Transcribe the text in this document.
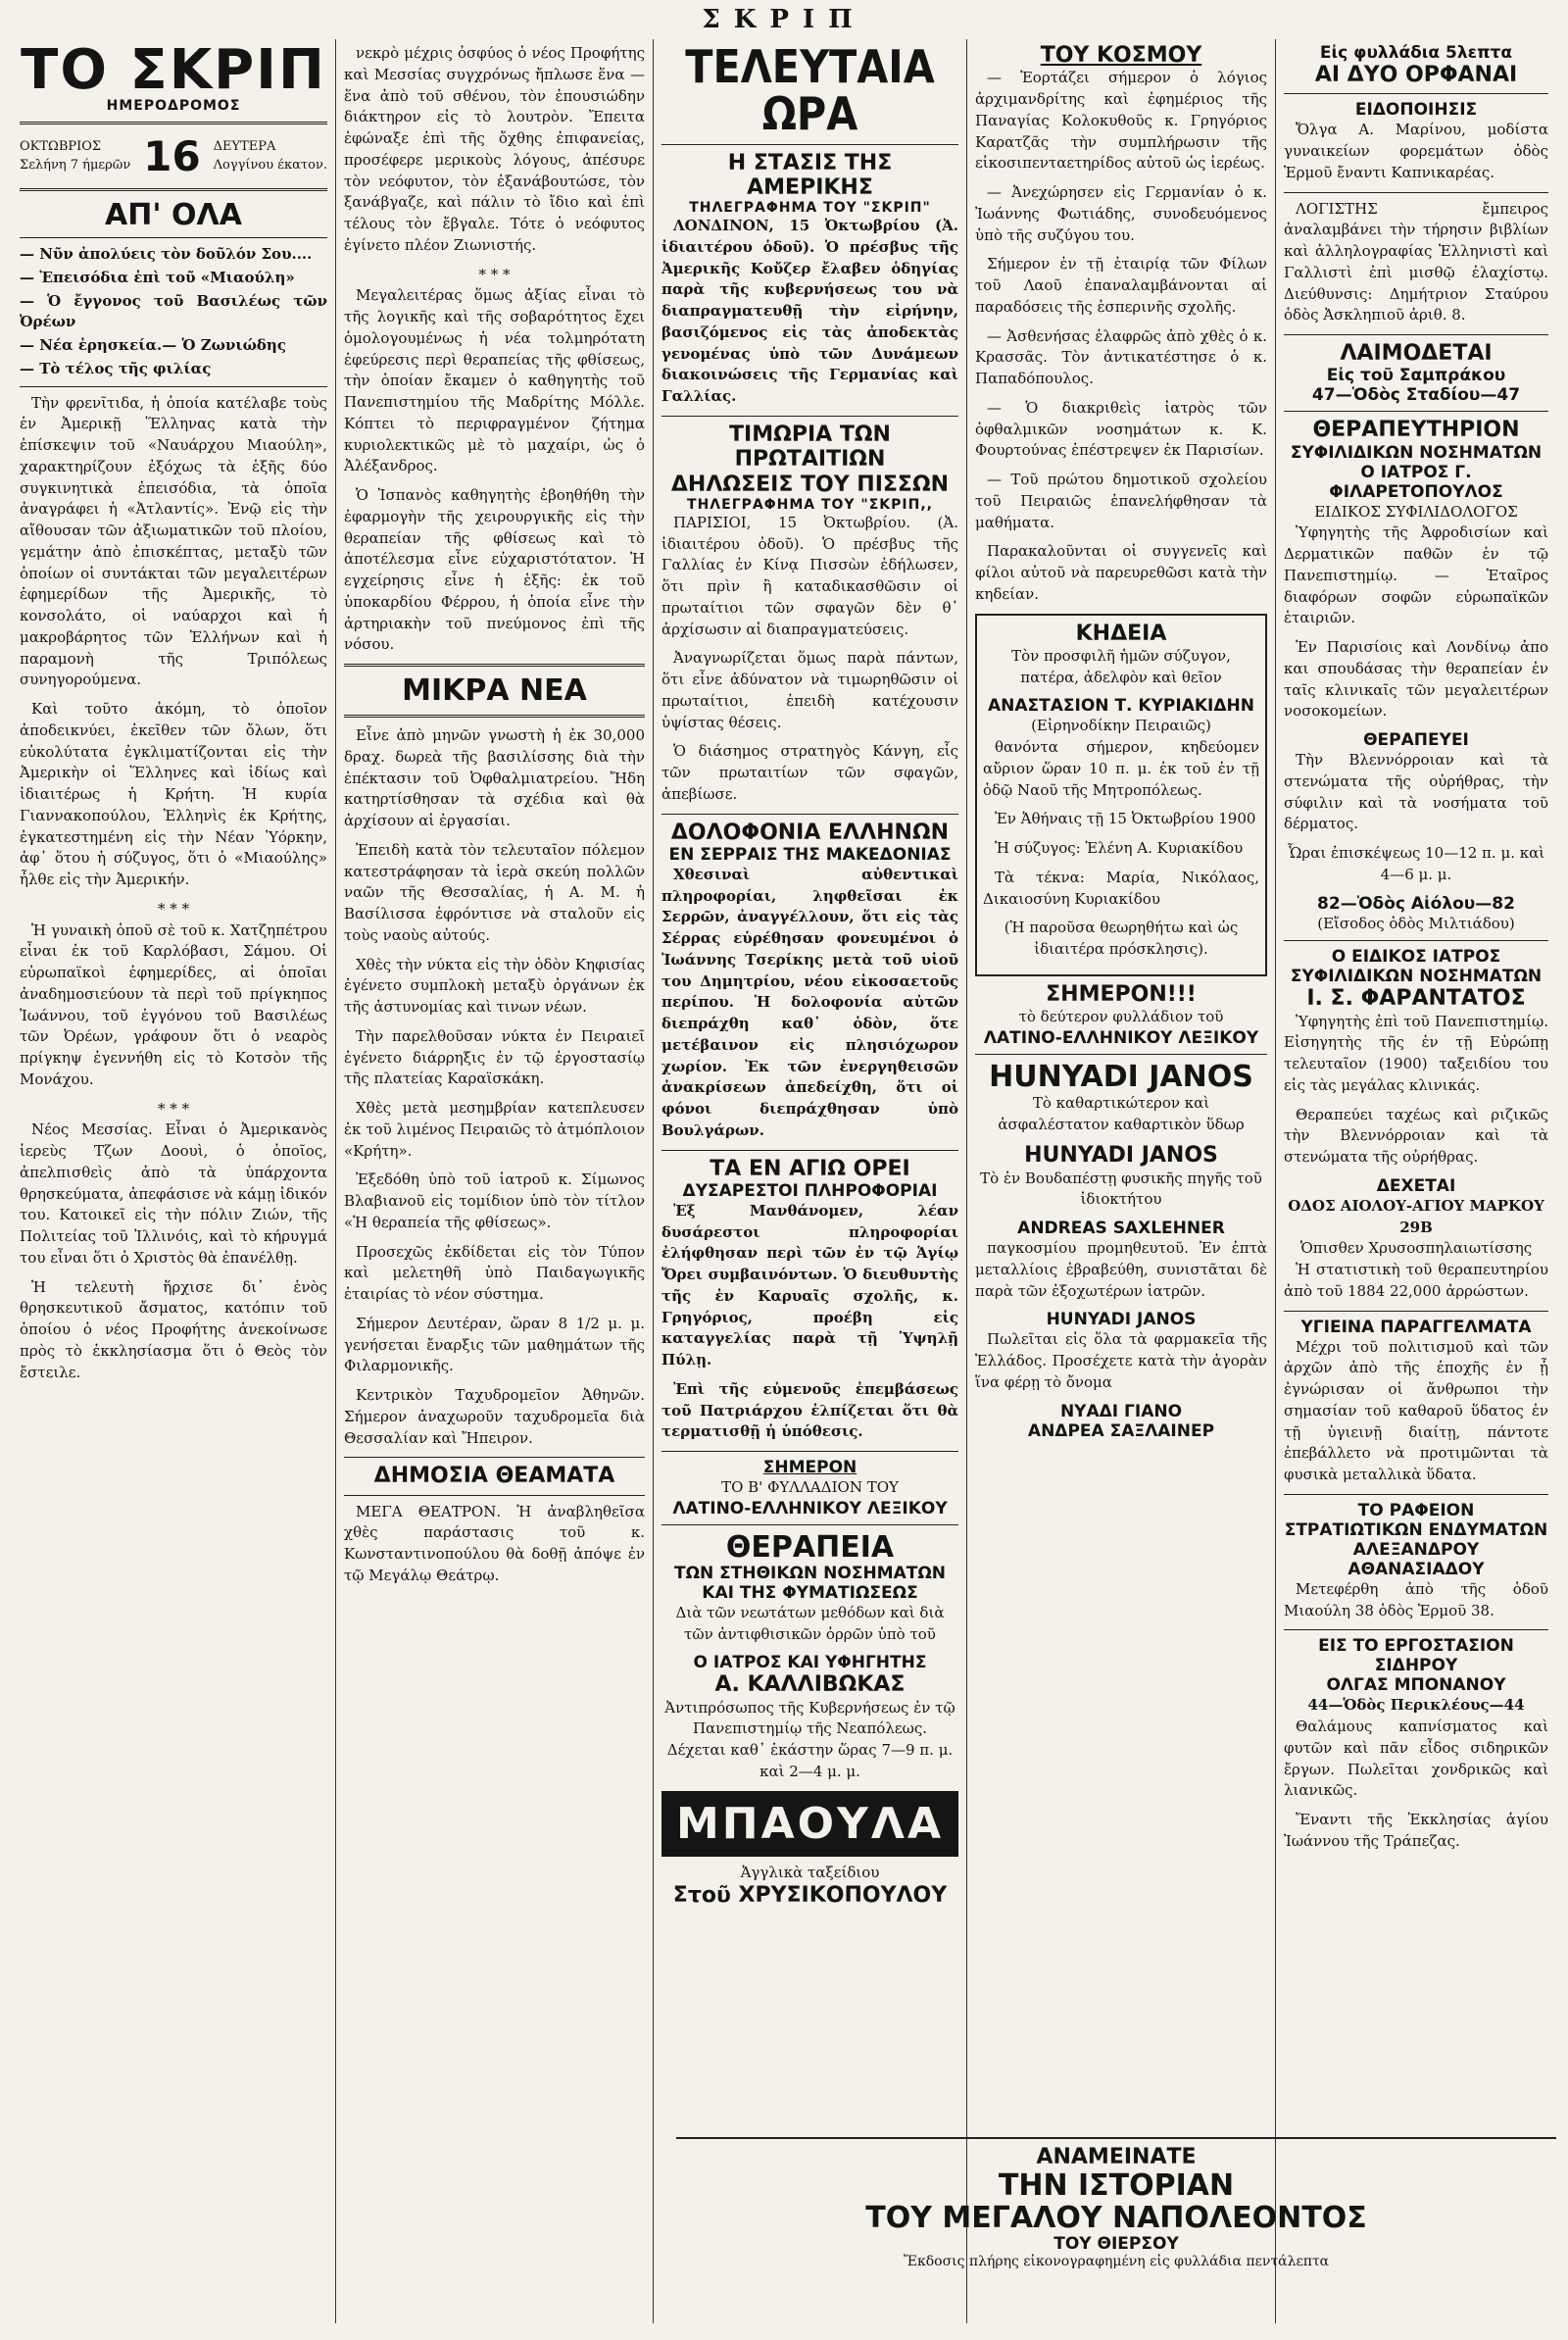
ΣΚΡΙΠ
ΤΟ ΣΚΡΙΠ
ΗΜΕΡΟΔΡΟΜΟΣ
ΟΚΤΩΒΡΙΟΣ
Σελήνη 7 ήμερῶν 16 ΔΕΥΤΕΡΑ
Λογγίνου έκατον.
ΑΠ' ΟΛΑ
— Νῦν ἀπολύεις τὸν δοῦλόν Σου....
— Ἐπεισόδια ἐπὶ τοῦ «Μιαούλη»
— Ὁ ἔγγονος τοῦ Βασιλέως τῶν Ὀρέων
— Νέα ἐρησκεία.— Ὁ Ζωνιώδης
— Τὸ τέλος τῆς φιλίας

Τὴν φρενῖτιδα, ἡ ὁποία κατέλαβε τοὺς ἐν Ἀμερικῇ Ἕλληνας κατὰ τὴν ἐπίσκεψιν τοῦ «Ναυάρχου Μιαούλη», χαρακτηρίζουν ἐξόχως τὰ ἑξῆς δύο συγκινητικὰ ἐπεισόδια, τὰ ὁποῖα ἀναγράφει ἡ «Ἀτλαντίς». Ἐνῷ εἰς τὴν αἴθουσαν τῶν ἀξιωματικῶν τοῦ πλοίου, γεμάτην ἀπὸ ἐπισκέπτας, μεταξὺ τῶν ὁποίων οἱ συντάκται τῶν μεγαλειτέρων ἐφημερίδων τῆς Ἀμερικῆς, τὸ κονσολάτο, οἱ ναύαρχοι καὶ ἡ μακροβάρητος τῶν Ἑλλήνων καὶ ἡ παραμονὴ τῆς Τριπόλεως συνηγορούμενα.

Καὶ τοῦτο ἀκόμη, τὸ ὁποῖον ἀποδεικνύει, ἐκεῖθεν τῶν ὄλων, ὅτι εὐκολύτατα ἐγκλιματίζονται εἰς τὴν Ἀμερικὴν οἱ Ἕλληνες καὶ ἰδίως καὶ ἰδιαιτέρως ἡ Κρήτη. Ἡ κυρία Γιαννακοπούλου, Ἑλληνὶς ἐκ Κρήτης, ἐγκατεστημένη εἰς τὴν Νέαν Ὑόρκην, ἀφ᾽ ὅτου ἡ σύζυγος, ὅτι ὁ «Μιαούλης» ἦλθε εἰς τὴν Ἀμερικήν.

* * *

Ἡ γυναικὴ ὁποῦ σὲ τοῦ κ. Χατζηπέτρου εἶναι ἐκ τοῦ Καρλόβασι, Σάμου. Οἱ εὐρωπαϊκοὶ ἐφημερίδες, αἱ ὁποῖαι ἀναδημοσιεύουν τὰ περὶ τοῦ πρίγκηπος Ἰωάννου, τοῦ ἐγγόνου τοῦ Βασιλέως τῶν Ὀρέων, γράφουν ὅτι ὁ νεαρὸς πρίγκηψ ἐγεννήθη εἰς τὸ Κοτσὸν τῆς Μονάχου.

* * *

Νέος Μεσσίας. Εἶναι ὁ Ἀμερικανὸς ἱερεὺς Τζων Δοουὶ, ὁ ὁποῖος, ἀπελπισθεὶς ἀπὸ τὰ ὑπάρχοντα θρησκεύματα, ἀπεφάσισε νὰ κάμῃ ἰδικόν του. Κατοικεῖ εἰς τὴν πόλιν Ζιών, τῆς Πολιτείας τοῦ Ἰλλινόις, καὶ τὸ κήρυγμά του εἶναι ὅτι ὁ Χριστὸς θὰ ἐπανέλθῃ.

Ἡ τελευτὴ ἥρχισε δι᾽ ἑνὸς θρησκευτικοῦ ἄσματος, κατόπιν τοῦ ὁποίου ὁ νέος Προφήτης ἀνεκοίνωσε πρὸς τὸ ἐκκλησίασμα ὅτι ὁ Θεὸς τὸν ἔστειλε.

νεκρὸ μέχρις ὀσφύος ὁ νέος Προφήτης καὶ Μεσσίας συγχρόνως ἤπλωσε ἕνα — ἕνα ἀπὸ τοῦ σθένου, τὸν ἐπουσιώδην διάκτηρον εἰς τὸ λουτρὸν. Ἔπειτα ἐφώναξε ἐπὶ τῆς ὄχθης ἐπιφανείας, προσέφερε μερικοὺς λόγους, ἀπέσυρε τὸν νεόφυτον, τὸν ἐξανάβουτώσε, τὸν ξανάβγαζε, καὶ πάλιν τὸ ἴδιο καὶ ἐπὶ τέλους τὸν ἔβγαλε. Τότε ὁ νεόφυτος ἐγίνετο πλέον Ζιωνιστής.

* * *

Μεγαλειτέρας ὅμως ἀξίας εἶναι τὸ τῆς λογικῆς καὶ τῆς σοβαρότητος ἔχει ὁμολογουμένως ἡ νέα τολμηρότατη ἐφεύρεσις περὶ θεραπείας τῆς φθίσεως, τὴν ὁποίαν ἔκαμεν ὁ καθηγητὴς τοῦ Πανεπιστημίου τῆς Μαδρίτης Μόλλε. Κόπτει τὸ περιφραγμένον ζήτημα κυριολεκτικῶς μὲ τὸ μαχαίρι, ὡς ὁ Ἀλέξανδρος.

Ὁ Ἰσπανὸς καθηγητὴς ἐβοηθήθη τὴν ἐφαρμογὴν τῆς χειρουργικῆς εἰς τὴν θεραπείαν τῆς φθίσεως καὶ τὸ ἀποτέλεσμα εἶνε εὐχαριστότατον. Ἡ εγχείρησις εἶνε ἡ ἑξῆς: ἐκ τοῦ ὑποκαρδίου Φέρρου, ἡ ὁποία εἶνε τὴν ἀρτηριακὴν τοῦ πνεύμονος ἐπὶ τῆς νόσου.

ΜΙΚΡΑ ΝΕΑ

Εἶνε ἀπὸ μηνῶν γνωστὴ ἡ ἐκ 30,000 δραχ. δωρεὰ τῆς βασιλίσσης διὰ τὴν ἐπέκτασιν τοῦ Ὀφθαλμιατρείου. Ἤδη κατηρτίσθησαν τὰ σχέδια καὶ θὰ ἀρχίσουν αἱ ἐργασίαι.

Ἐπειδὴ κατὰ τὸν τελευταῖον πόλεμον κατεστράφησαν τὰ ἱερὰ σκεύη πολλῶν ναῶν τῆς Θεσσαλίας, ἡ Α. Μ. ἡ Βασίλισσα ἐφρόντισε νὰ σταλοῦν εἰς τοὺς ναοὺς αὐτούς.

Χθὲς τὴν νύκτα εἰς τὴν ὁδὸν Κηφισίας ἐγένετο συμπλοκὴ μεταξὺ ὀργάνων ἐκ τῆς ἀστυνομίας καὶ τινων νέων.

Τὴν παρελθοῦσαν νύκτα ἐν Πειραιεῖ ἐγένετο διάρρηξις ἐν τῷ ἐργοστασίῳ τῆς πλατείας Καραϊσκάκη.

Χθὲς μετὰ μεσημβρίαν κατεπλευσεν ἐκ τοῦ λιμένος Πειραιῶς τὸ ἀτμόπλοιον «Κρήτη».

Ἐξεδόθη ὑπὸ τοῦ ἰατροῦ κ. Σίμωνος Βλαβιανοῦ εἰς τομίδιον ὑπὸ τὸν τίτλον «Ἡ θεραπεία τῆς φθίσεως».

Προσεχῶς ἐκδίδεται εἰς τὸν Τύπον καὶ μελετηθῆ ὑπὸ Παιδαγωγικῆς ἐταιρίας τὸ νέον σύστημα.

Σήμερον Δευτέραν, ὥραν 8 1/2 μ. μ. γενήσεται ἔναρξις τῶν μαθημάτων τῆς Φιλαρμονικῆς.

Κεντρικὸν Ταχυδρομεῖον Ἀθηνῶν. Σήμερον ἀναχωροῦν ταχυδρομεῖα διὰ Θεσσαλίαν καὶ Ἤπειρον.

ΔΗΜΟΣΙΑ ΘΕΑΜΑΤΑ

ΜΕΓΑ ΘΕΑΤΡΟΝ. Ἡ ἀναβληθεῖσα χθὲς παράστασις τοῦ κ. Κωνσταντινοπούλου θὰ δοθῇ ἀπόψε ἐν τῷ Μεγάλῳ Θεάτρῳ.

ΤΕΛΕΥΤΑΙΑ ΩΡΑ
Η ΣΤΑΣΙΣ ΤΗΣ ΑΜΕΡΙΚΗΣ
ΤΗΛΕΓΡΑΦΗΜΑ ΤΟΥ "ΣΚΡΙΠ"

ΛΟΝΔΙΝΟΝ, 15 Ὀκτωβρίου (Ἀ. ἰδιαιτέρου ὁδοῦ). Ὁ πρέσβυς τῆς Ἀμερικῆς Κοὔζερ ἔλαβεν ὁδηγίας παρὰ τῆς κυβερνήσεως του νὰ διαπραγματευθῇ τὴν εἰρήνην, βασιζόμενος εἰς τὰς ἀποδεκτὰς γενομένας ὑπὸ τῶν Δυνάμεων διακοινώσεις τῆς Γερμανίας καὶ Γαλλίας.

ΤΙΜΩΡΙΑ ΤΩΝ ΠΡΩΤΑΙΤΙΩΝ
ΔΗΛΩΣΕΙΣ ΤΟΥ ΠΙΣΣΩΝ
ΤΗΛΕΓΡΑΦΗΜΑ ΤΟΥ "ΣΚΡΙΠ,,

ΠΑΡΙΣΙΟΙ, 15 Ὀκτωβρίου. (Ἀ. ἰδιαιτέρου ὁδοῦ). Ὁ πρέσβυς τῆς Γαλλίας ἐν Κίνᾳ Πισσὼν ἐδήλωσεν, ὅτι πρὶν ἢ καταδικασθῶσιν οἱ πρωταίτιοι τῶν σφαγῶν δὲν θ᾽ ἀρχίσωσιν αἱ διαπραγματεύσεις.

Ἀναγνωρίζεται ὅμως παρὰ πάντων, ὅτι εἶνε ἀδύνατον νὰ τιμωρηθῶσιν οἱ πρωταίτιοι, ἐπειδὴ κατέχουσιν ὑψίστας θέσεις.

Ὁ διάσημος στρατηγὸς Κάνγη, εἷς τῶν πρωταιτίων τῶν σφαγῶν, ἀπεβίωσε.

ΔΟΛΟΦΟΝΙΑ ΕΛΛΗΝΩΝ
ΕΝ ΣΕΡΡΑΙΣ ΤΗΣ ΜΑΚΕΔΟΝΙΑΣ

Χθεσιναὶ αὐθεντικαὶ πληροφορίαι, ληφθεῖσαι ἐκ Σερρῶν, ἀναγγέλλουν, ὅτι εἰς τὰς Σέρρας εὑρέθησαν φονευμένοι ὁ Ἰωάννης Τσερίκης μετὰ τοῦ υἱοῦ του Δημητρίου, νέου εἰκοσαετοῦς περίπου. Ἡ δολοφονία αὐτῶν διεπράχθη καθ᾽ ὁδὸν, ὅτε μετέβαινον εἰς πλησιόχωρον χωρίον. Ἐκ τῶν ἐνεργηθεισῶν ἀνακρίσεων ἀπεδείχθη, ὅτι οἱ φόνοι διεπράχθησαν ὑπὸ Βουλγάρων.

ΤΑ ΕΝ ΑΓΙΩ ΟΡΕΙ
ΔΥΣΑΡΕΣΤΟΙ ΠΛΗΡΟΦΟΡΙΑΙ

Ἐξ Μανθάνομεν, λέαν δυσάρεστοι πληροφορίαι ἐλήφθησαν περὶ τῶν ἐν τῷ Ἁγίῳ Ὄρει συμβαινόντων. Ὁ διευθυντὴς τῆς ἐν Καρυαῖς σχολῆς, κ. Γρηγόριος, προέβη εἰς καταγγελίας παρὰ τῇ Ὑψηλῇ Πύλῃ.

Ἐπὶ τῆς εὐμενοῦς ἐπεμβάσεως τοῦ Πατριάρχου ἐλπίζεται ὅτι θὰ τερματισθῇ ἡ ὑπόθεσις.

ΣΗΜΕΡΟΝ
ΤΟ Β' ΦΥΛΛΑΔΙΟΝ ΤΟΥ
ΛΑΤΙΝΟ-ΕΛΛΗΝΙΚΟΥ ΛΕΞΙΚΟΥ
ΘΕΡΑΠΕΙΑ
ΤΩΝ ΣΤΗΘΙΚΩΝ ΝΟΣΗΜΑΤΩΝ
ΚΑΙ ΤΗΣ ΦΥΜΑΤΙΩΣΕΩΣ

Διὰ τῶν νεωτάτων μεθόδων καὶ διὰ τῶν ἀντιφθισικῶν ὀρρῶν ὑπὸ τοῦ

Ο ΙΑΤΡΟΣ ΚΑΙ ΥΦΗΓΗΤΗΣ
Α. ΚΑΛΛΙΒΩΚΑΣ

Ἀντιπρόσωπος τῆς Κυβερνήσεως ἐν τῷ Πανεπιστημίῳ τῆς Νεαπόλεως. Δέχεται καθ᾽ ἑκάστην ὥρας 7—9 π. μ. καὶ 2—4 μ. μ.

ΜΠΑΟΥΛΑ
Ἀγγλικὰ ταξείδιου
Στοῦ ΧΡΥΣΙΚΟΠΟΥΛΟΥ
ΤΟΥ ΚΟΣΜΟΥ

— Ἑορτάζει σήμερον ὁ λόγιος ἀρχιμανδρίτης καὶ ἐφημέριος τῆς Παναγίας Κολοκυθοῦς κ. Γρηγόριος Καρατζᾶς τὴν συμπλήρωσιν τῆς εἰκοσιπενταετηρίδος αὐτοῦ ὡς ἱερέως.

— Ἀνεχώρησεν εἰς Γερμανίαν ὁ κ. Ἰωάννης Φωτιάδης, συνοδευόμενος ὑπὸ τῆς συζύγου του.

Σήμερον ἐν τῇ ἑταιρίᾳ τῶν Φίλων τοῦ Λαοῦ ἐπαναλαμβάνονται αἱ παραδόσεις τῆς ἑσπερινῆς σχολῆς.

— Ἀσθενήσας ἐλαφρῶς ἀπὸ χθὲς ὁ κ. Κρασσᾶς. Τὸν ἀντικατέστησε ὁ κ. Παπαδόπουλος.

— Ὁ διακριθεὶς ἰατρὸς τῶν ὀφθαλμικῶν νοσημάτων κ. Κ. Φουρτούνας ἐπέστρεψεν ἐκ Παρισίων.

— Τοῦ πρώτου δημοτικοῦ σχολείου τοῦ Πειραιῶς ἐπανελήφθησαν τὰ μαθήματα.

Παρακαλοῦνται οἱ συγγενεῖς καὶ φίλοι αὐτοῦ νὰ παρευρεθῶσι κατὰ τὴν κηδείαν.

ΚΗΔΕΙΑ

Τὸν προσφιλῆ ἡμῶν σύζυγον, πατέρα, ἀδελφὸν καὶ θεῖον

ΑΝΑΣΤΑΣΙΟΝ Τ. ΚΥΡΙΑΚΙΔΗΝ
(Εἰρηνοδίκην Πειραιῶς)

θανόντα σήμερον, κηδεύομεν αὔριον ὥραν 10 π. μ. ἐκ τοῦ ἐν τῇ ὁδῷ Ναοῦ τῆς Μητροπόλεως.

Ἐν Ἀθήναις τῇ 15 Ὀκτωβρίου 1900

Ἡ σύζυγος: Ἑλένη Α. Κυριακίδου

Τὰ τέκνα: Μαρία, Νικόλαος, Δικαιοσύνη Κυριακίδου

(Ἡ παροῦσα θεωρηθήτω καὶ ὡς ἰδιαιτέρα πρόσκλησις).

ΣΗΜΕΡΟΝ!!!
τὸ δεύτερον φυλλάδιον τοῦ
ΛΑΤΙΝΟ-ΕΛΛΗΝΙΚΟΥ ΛΕΞΙΚΟΥ
HUNYADI JANOS

Τὸ καθαρτικώτερον καὶ ἀσφαλέστατον καθαρτικὸν ὕδωρ

HUNYADI JANOS

Τὸ ἐν Βουδαπέστῃ φυσικῆς πηγῆς τοῦ ἰδιοκτήτου

ANDREAS SAXLEHNER

παγκοσμίου προμηθευτοῦ. Ἐν ἐπτὰ μεταλλίοις ἐβραβεύθη, συνιστᾶται δὲ παρὰ τῶν ἐξοχωτέρων ἰατρῶν.

HUNYADI JANOS

Πωλεῖται εἰς ὅλα τὰ φαρμακεῖα τῆς Ἑλλάδος. Προσέχετε κατὰ τὴν ἀγορὰν ἵνα φέρῃ τὸ ὄνομα

ΝΥΑΔΙ ΓΙΑΝΟ
ΑΝΔΡΕΑ ΣΑΞΛΑΙΝΕΡ
Εἰς φυλλάδια 5λεπτα
ΑΙ ΔΥΟ ΟΡΦΑΝΑΙ
ΕΙΔΟΠΟΙΗΣΙΣ

Ὄλγα Α. Μαρίνου, μοδίστα γυναικείων φορεμάτων ὁδὸς Ἑρμοῦ ἔναντι Καπνικαρέας.

ΛΟΓΙΣΤΗΣ ἔμπειρος ἀναλαμβάνει τὴν τήρησιν βιβλίων καὶ ἀλληλογραφίας Ἑλληνιστὶ καὶ Γαλλιστὶ ἐπὶ μισθῷ ἐλαχίστῳ. Διεύθυνσις: Δημήτριον Σταύρου ὁδὸς Ἀσκληπιοῦ ἀριθ. 8.

ΛΑΙΜΟΔΕΤΑΙ
Εἰς τοῦ Σαμπράκου
47—Ὁδὸς Σταδίου—47
ΘΕΡΑΠΕΥΤΗΡΙΟΝ
ΣΥΦΙΛΙΔΙΚΩΝ ΝΟΣΗΜΑΤΩΝ
Ο ΙΑΤΡΟΣ Γ. ΦΙΛΑΡΕΤΟΠΟΥΛΟΣ
ΕΙΔΙΚΟΣ ΣΥΦΙΛΙΔΟΛΟΓΟΣ

Ὑφηγητὴς τῆς Ἀφροδισίων καὶ Δερματικῶν παθῶν ἐν τῷ Πανεπιστημίῳ. — Ἑταῖρος διαφόρων σοφῶν εὐρωπαϊκῶν ἑταιριῶν.

Ἐν Παρισίοις καὶ Λονδίνῳ ἀπο και σπουδάσας τὴν θεραπείαν ἐν ταῖς κλινικαῖς τῶν μεγαλειτέρων νοσοκομείων.

ΘΕΡΑΠΕΥΕΙ

Τὴν Βλεννόρροιαν καὶ τὰ στενώματα τῆς οὐρήθρας, τὴν σύφιλιν καὶ τὰ νοσήματα τοῦ δέρματος.

Ὧραι ἐπισκέψεως 10—12 π. μ. καὶ 4—6 μ. μ.

82—Ὁδὸς Αἰόλου—82
(Εἴσοδος ὁδὸς Μιλτιάδου)
Ο ΕΙΔΙΚΟΣ ΙΑΤΡΟΣ
ΣΥΦΙΛΙΔΙΚΩΝ ΝΟΣΗΜΑΤΩΝ
Ι. Σ. ΦΑΡΑΝΤΑΤΟΣ

Ὑφηγητὴς ἐπὶ τοῦ Πανεπιστημίῳ. Εἰσηγητὴς τῆς ἐν τῇ Εὐρώπῃ τελευταῖον (1900) ταξειδίου του εἰς τὰς μεγάλας κλινικάς.

Θεραπεύει ταχέως καὶ ριζικῶς τὴν Βλεννόρροιαν καὶ τὰ στενώματα τῆς οὐρήθρας.

ΔΕΧΕΤΑΙ
ΟΔΟΣ ΑΙΟΛΟΥ-ΑΓΙΟΥ ΜΑΡΚΟΥ 29Β
Ὁπισθεν Χρυσοσπηλαιωτίσσης

Ἡ στατιστικὴ τοῦ θεραπευτηρίου ἀπὸ τοῦ 1884 22,000 ἀρρώστων.

ΥΓΙΕΙΝΑ ΠΑΡΑΓΓΕΛΜΑΤΑ

Μέχρι τοῦ πολιτισμοῦ καὶ τῶν ἀρχῶν ἀπὸ τῆς ἐποχῆς ἐν ᾗ ἐγνώρισαν οἱ ἄνθρωποι τὴν σημασίαν τοῦ καθαροῦ ὕδατος ἐν τῇ ὑγιεινῇ διαίτῃ, πάντοτε ἐπεβάλλετο νὰ προτιμῶνται τὰ φυσικὰ μεταλλικὰ ὕδατα.

ΤΟ ΡΑΦΕΙΟΝ
ΣΤΡΑΤΙΩΤΙΚΩΝ ΕΝΔΥΜΑΤΩΝ
ΑΛΕΞΑΝΔΡΟΥ ΑΘΑΝΑΣΙΑΔΟΥ

Μετεφέρθη ἀπὸ τῆς ὁδοῦ Μιαούλη 38 ὁδὸς Ἑρμοῦ 38.

ΕΙΣ ΤΟ ΕΡΓΟΣΤΑΣΙΟΝ ΣΙΔΗΡΟΥ
ΟΛΓΑΣ ΜΠΟΝΑΝΟΥ
44—Ὁδὸς Περικλέους—44

Θαλάμους καπνίσματος καὶ φυτῶν καὶ πᾶν εἶδος σιδηρικῶν ἔργων. Πωλεῖται χονδρικῶς καὶ λιανικῶς.

Ἔναντι τῆς Ἐκκλησίας ἁγίου Ἰωάννου τῆς Τράπεζας.

ΑΝΑΜΕΙΝΑΤΕ
ΤΗΝ ΙΣΤΟΡΙΑΝ
ΤΟΥ ΜΕΓΑΛΟΥ ΝΑΠΟΛΕΟΝΤΟΣ
ΤΟΥ ΘΙΕΡΣΟΥ
Ἔκδοσις πλήρης εἰκονογραφημένη εἰς φυλλάδια πεντάλεπτα
